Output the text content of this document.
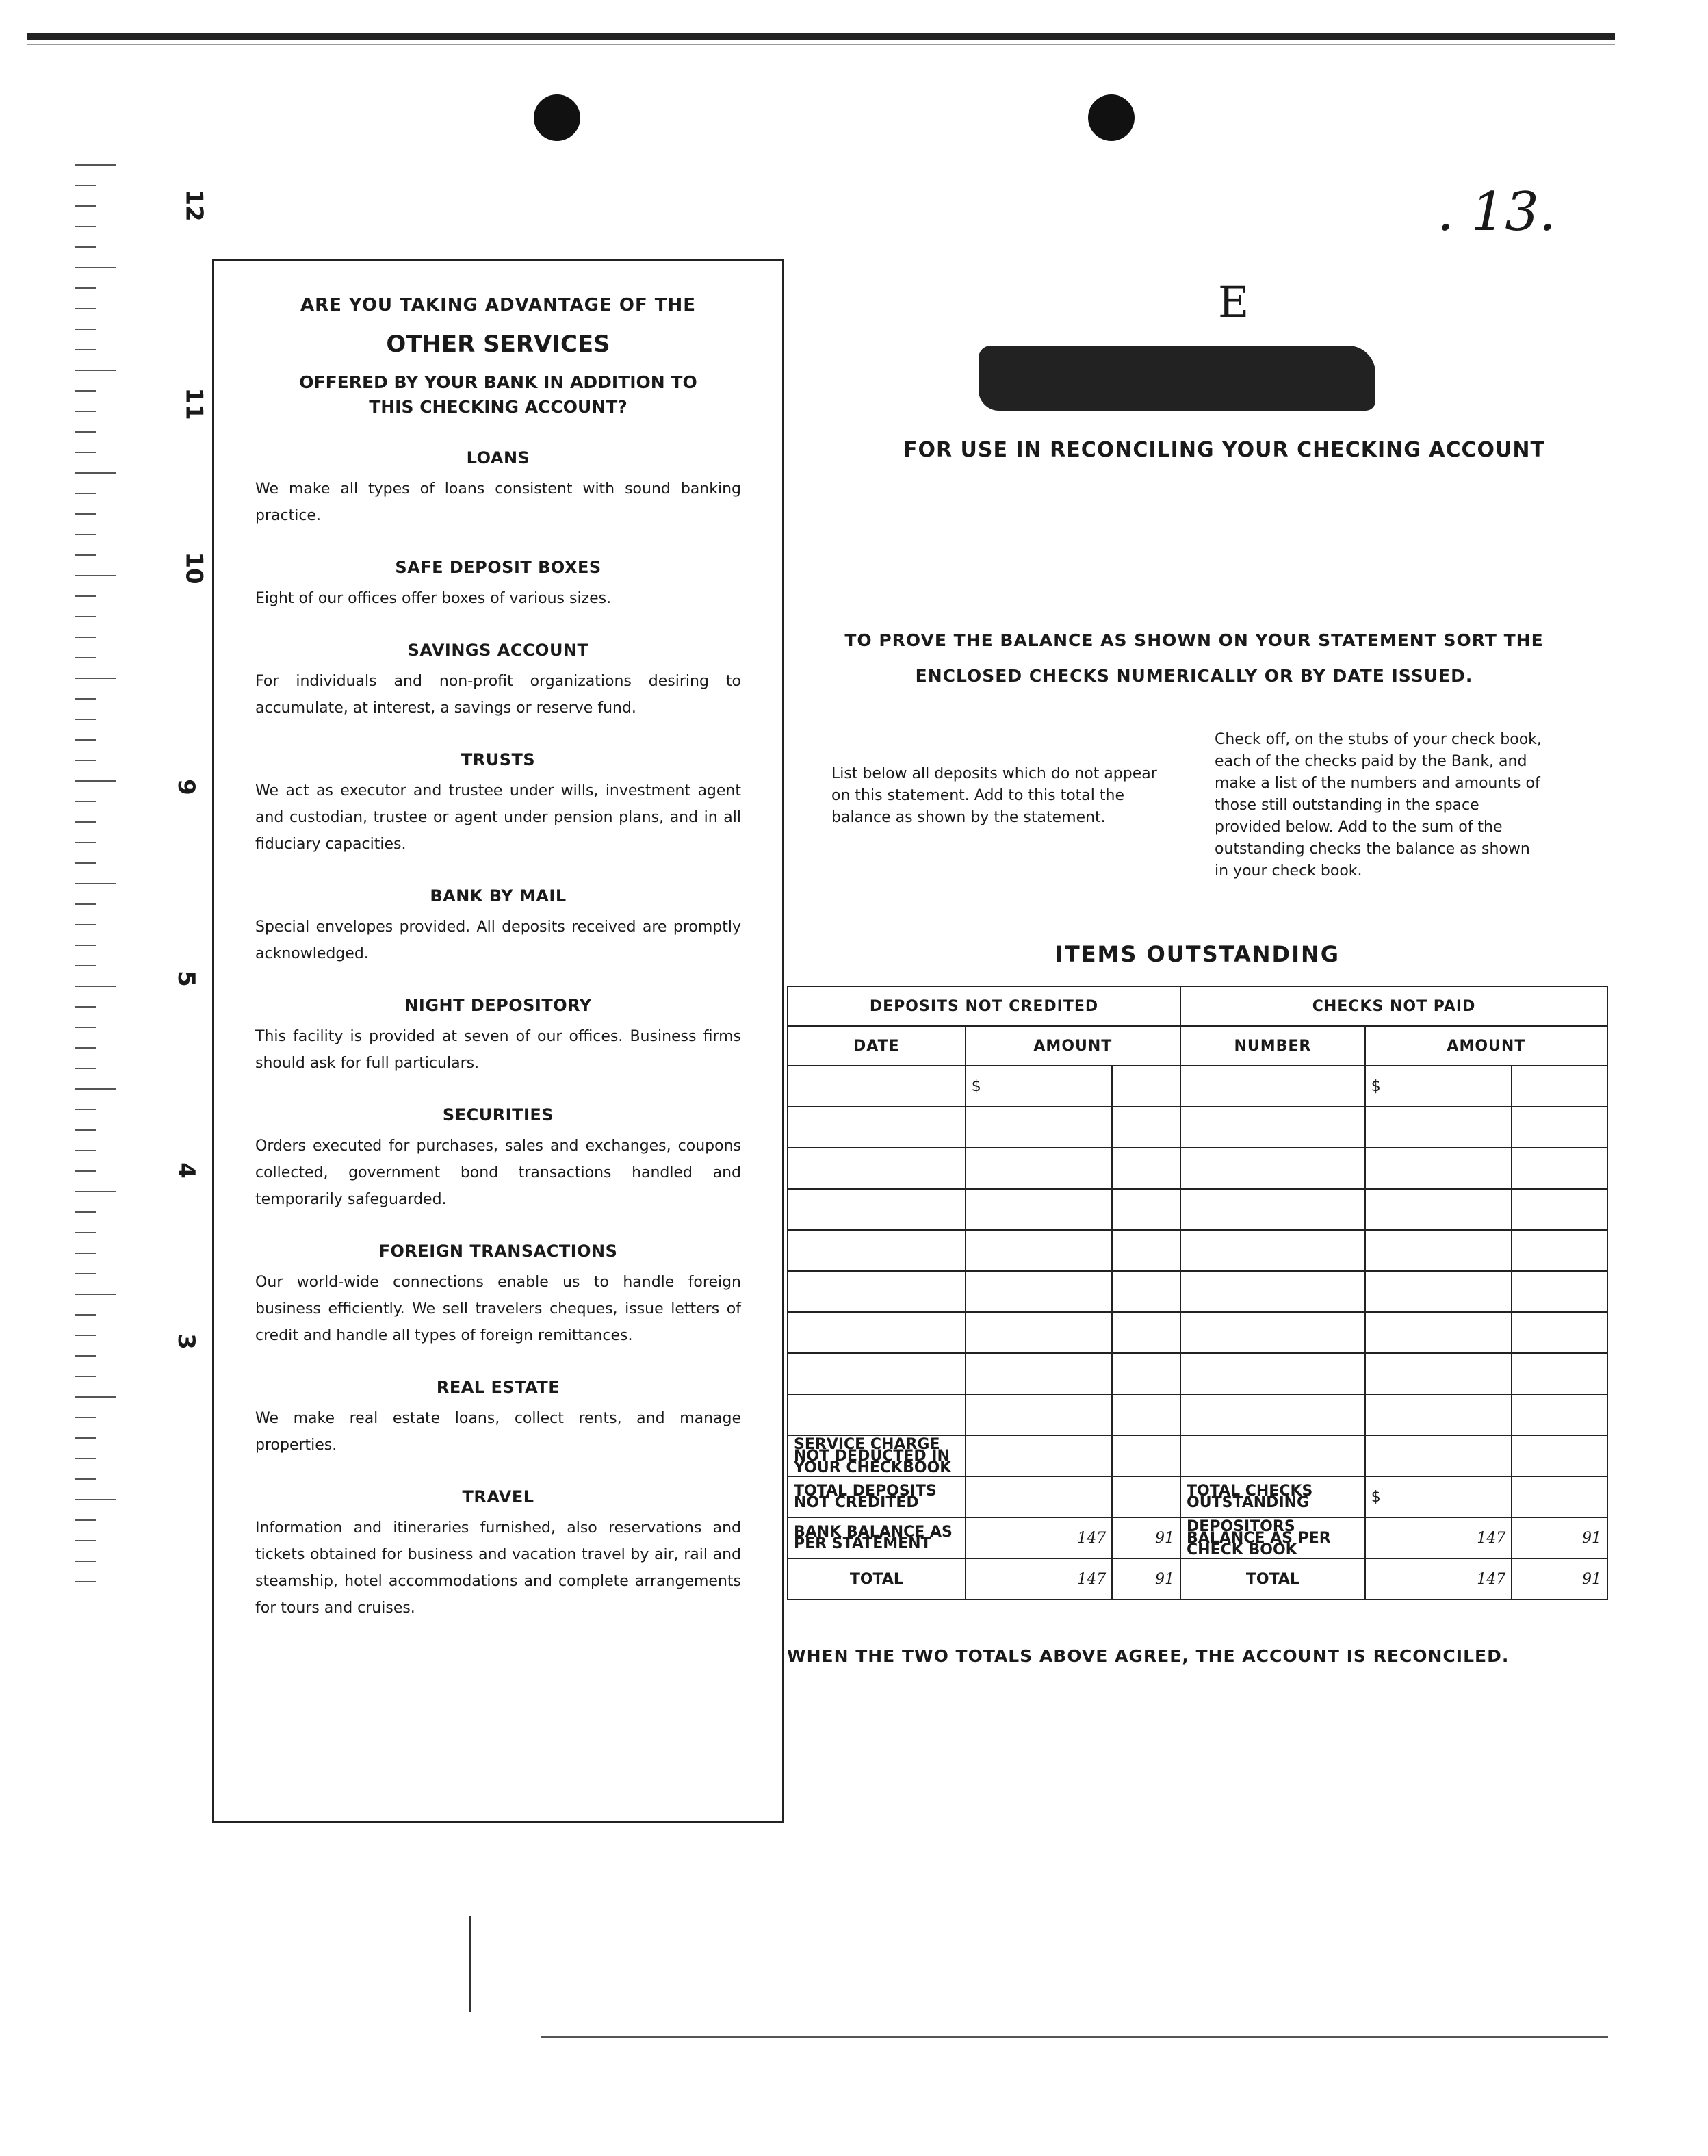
12
11
10
9
5
4
3
. 13.
E
ARE YOU TAKING ADVANTAGE OF THE
OTHER SERVICES
OFFERED BY YOUR BANK IN ADDITION TO THIS CHECKING ACCOUNT?
LOANS
We make all types of loans consistent with sound banking practice.
SAFE DEPOSIT BOXES
Eight of our offices offer boxes of various sizes.
SAVINGS ACCOUNT
For individuals and non-profit organizations desiring to accumulate, at interest, a savings or reserve fund.
TRUSTS
We act as executor and trustee under wills, investment agent and custodian, trustee or agent under pension plans, and in all fiduciary capacities.
BANK BY MAIL
Special envelopes provided. All deposits received are promptly acknowledged.
NIGHT DEPOSITORY
This facility is provided at seven of our offices. Business firms should ask for full particulars.
SECURITIES
Orders executed for purchases, sales and exchanges, coupons collected, government bond transactions handled and temporarily safeguarded.
FOREIGN TRANSACTIONS
Our world-wide connections enable us to handle foreign business efficiently. We sell travelers cheques, issue letters of credit and handle all types of foreign remittances.
REAL ESTATE
We make real estate loans, collect rents, and manage properties.
TRAVEL
Information and itineraries furnished, also reservations and tickets obtained for business and vacation travel by air, rail and steamship, hotel accommodations and complete arrangements for tours and cruises.
FOR USE IN RECONCILING YOUR CHECKING ACCOUNT
TO PROVE THE BALANCE AS SHOWN ON YOUR STATEMENT SORT THE
ENCLOSED CHECKS NUMERICALLY OR BY DATE ISSUED.
List below all deposits which do not appear on this statement. Add to this total the balance as shown by the statement.
Check off, on the stubs of your check book, each of the checks paid by the Bank, and make a list of the numbers and amounts of those still outstanding in the space provided below. Add to the sum of the outstanding checks the balance as shown in your check book.
ITEMS OUTSTANDING
DEPOSITS NOT CREDITED			CHECKS NOT PAID		
DATE	AMOUNT		NUMBER	AMOUNT	
	$			$	

SERVICE CHARGE NOT DEDUCTED IN YOUR CHECKBOOK					
TOTAL DEPOSITS NOT CREDITED			TOTAL CHECKS OUTSTANDING	$	
BANK BALANCE AS PER STATEMENT	147	91	DEPOSITORS BALANCE AS PER CHECK BOOK	147	91
TOTAL	147	91	TOTAL	147	91
WHEN THE TWO TOTALS ABOVE AGREE, THE ACCOUNT IS RECONCILED.
